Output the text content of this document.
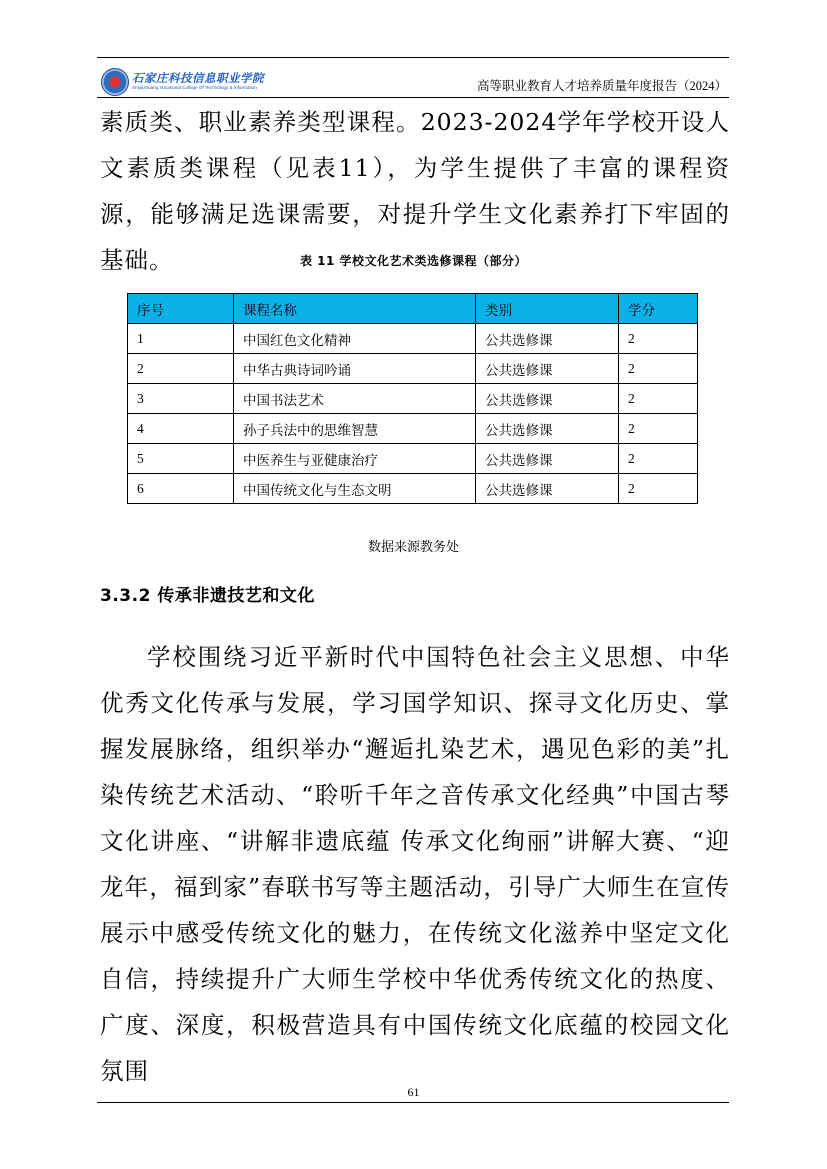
石家庄科技信息职业学院
Shijiazhuang Vocational College Of Technology & Information	高等职业教育人才培养质量年度报告（2024）

素质类、职业素养类型课程。2023-2024学年学校开设人文素质类课程（见表11），为学生提供了丰富的课程资源，能够满足选课需要，对提升学生文化素养打下牢固的基础。	表 11 学校文化艺术类选修课程（部分）
序号	课程名称	类别	学分
1	中国红色文化精神	公共选修课	2
2	中华古典诗词吟诵	公共选修课	2
3	中国书法艺术	公共选修课	2
4	孙子兵法中的思维智慧	公共选修课	2
5	中医养生与亚健康治疗	公共选修课	2
6	中国传统文化与生态文明	公共选修课	2
数据来源教务处
3.3.2 传承非遗技艺和文化

学校围绕习近平新时代中国特色社会主义思想、中华优秀文化传承与发展，学习国学知识、探寻文化历史、掌握发展脉络，组织举办“邂逅扎染艺术，遇见色彩的美”扎染传统艺术活动、“聆听千年之音传承文化经典”中国古琴文化讲座、“讲解非遗底蕴 传承文化绚丽”讲解大赛、“迎龙年，福到家”春联书写等主题活动，引导广大师生在宣传展示中感受传统文化的魅力，在传统文化滋养中坚定文化自信，持续提升广大师生学校中华优秀传统文化的热度、广度、深度，积极营造具有中国传统文化底蕴的校园文化氛围

61
